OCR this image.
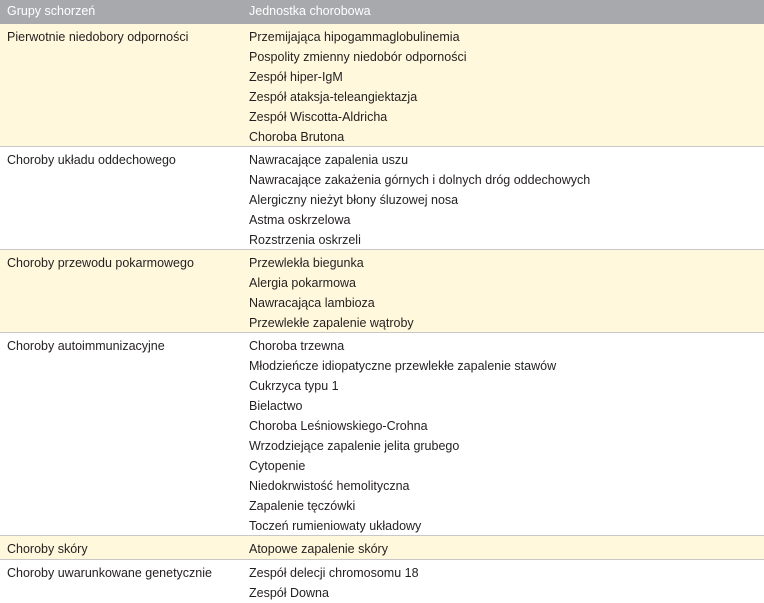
Grupy schorzeń	Jednostka chorobowa
Pierwotnie niedobory odporności	Przemijająca hipogammaglobulinemia
Pospolity zmienny niedobór odporności
Zespół hiper-IgM
Zespół ataksja-teleangiektazja
Zespół Wiscotta-Aldricha
Choroba Brutona
Choroby układu oddechowego	Nawracające zapalenia uszu
Nawracające zakażenia górnych i dolnych dróg oddechowych
Alergiczny nieżyt błony śluzowej nosa
Astma oskrzelowa
Rozstrzenia oskrzeli
Choroby przewodu pokarmowego	Przewlekła biegunka
Alergia pokarmowa
Nawracająca lambioza
Przewlekłe zapalenie wątroby
Choroby autoimmunizacyjne	Choroba trzewna
Młodzieńcze idiopatyczne przewlekłe zapalenie stawów
Cukrzyca typu 1
Bielactwo
Choroba Leśniowskiego-Crohna
Wrzodziejące zapalenie jelita grubego
Cytopenie
Niedokrwistość hemolityczna
Zapalenie tęczówki
Toczeń rumieniowaty układowy
Choroby skóry	Atopowe zapalenie skóry
Choroby uwarunkowane genetycznie	Zespół delecji chromosomu 18
Zespół Downa
